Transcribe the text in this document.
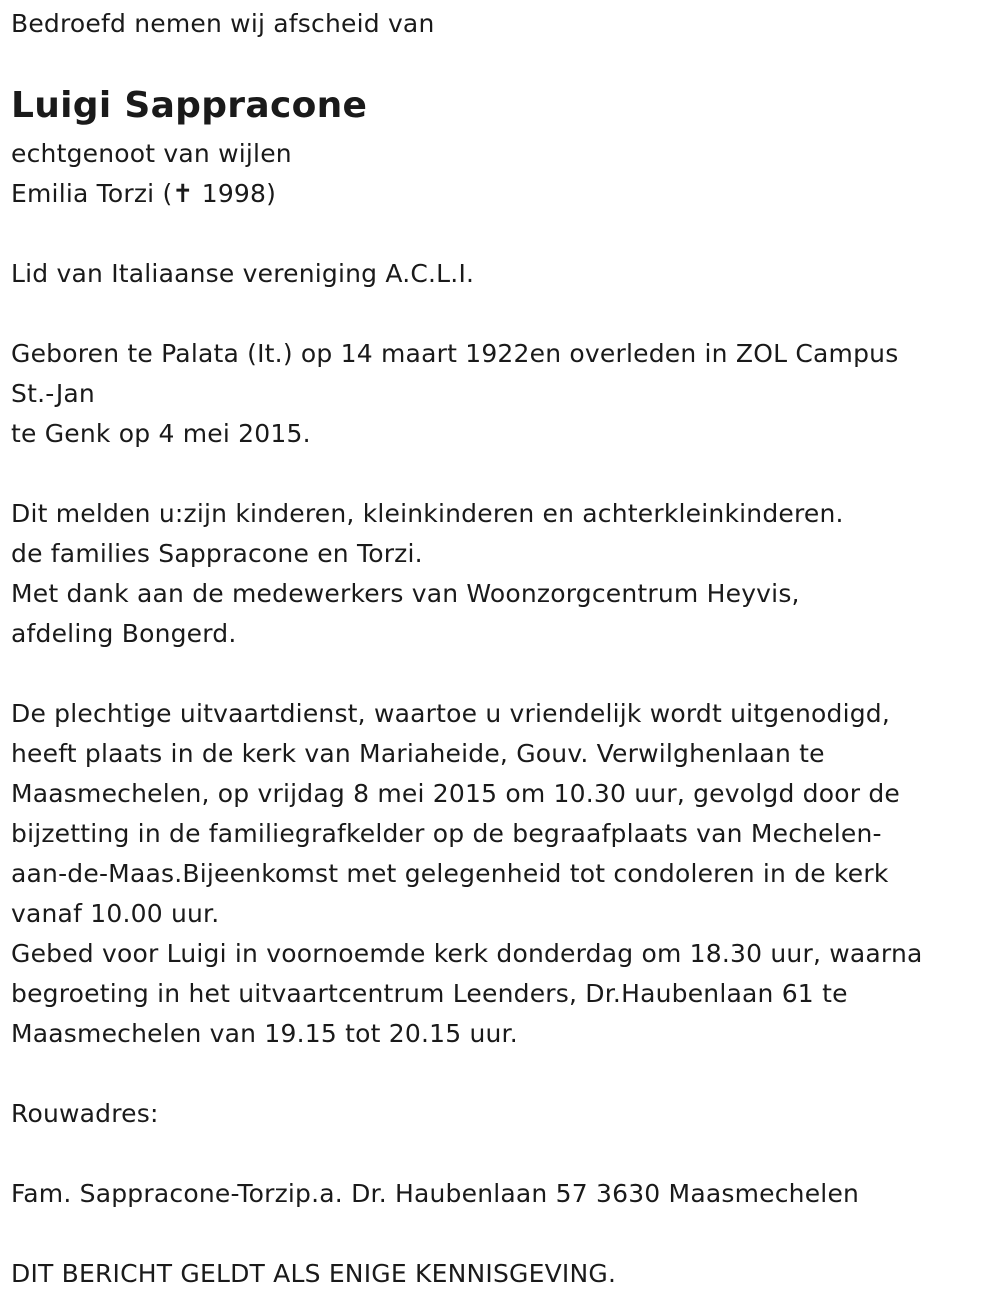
Bedroefd nemen wij afscheid van
Luigi Sappracone
echtgenoot van wijlen
Emilia Torzi (✝ 1998)
Lid van Italiaanse vereniging A.C.L.I.
Geboren te Palata (It.) op 14 maart 1922en overleden in ZOL Campus
St.-Jan
te Genk op 4 mei 2015.
Dit melden u:zijn kinderen, kleinkinderen en achterkleinkinderen.
de families Sappracone en Torzi.
Met dank aan de medewerkers van Woonzorgcentrum Heyvis,
afdeling Bongerd.
De plechtige uitvaartdienst, waartoe u vriendelijk wordt uitgenodigd,
heeft plaats in de kerk van Mariaheide, Gouv. Verwilghenlaan te
Maasmechelen, op vrijdag 8 mei 2015 om 10.30 uur, gevolgd door de
bijzetting in de familiegrafkelder op de begraafplaats van Mechelen-
aan-de-Maas.Bijeenkomst met gelegenheid tot condoleren in de kerk
vanaf 10.00 uur.
Gebed voor Luigi in voornoemde kerk donderdag om 18.30 uur, waarna
begroeting in het uitvaartcentrum Leenders, Dr.Haubenlaan 61 te
Maasmechelen van 19.15 tot 20.15 uur.
Rouwadres:
Fam. Sappracone-Torzip.a. Dr. Haubenlaan 57 3630 Maasmechelen
DIT BERICHT GELDT ALS ENIGE KENNISGEVING.
